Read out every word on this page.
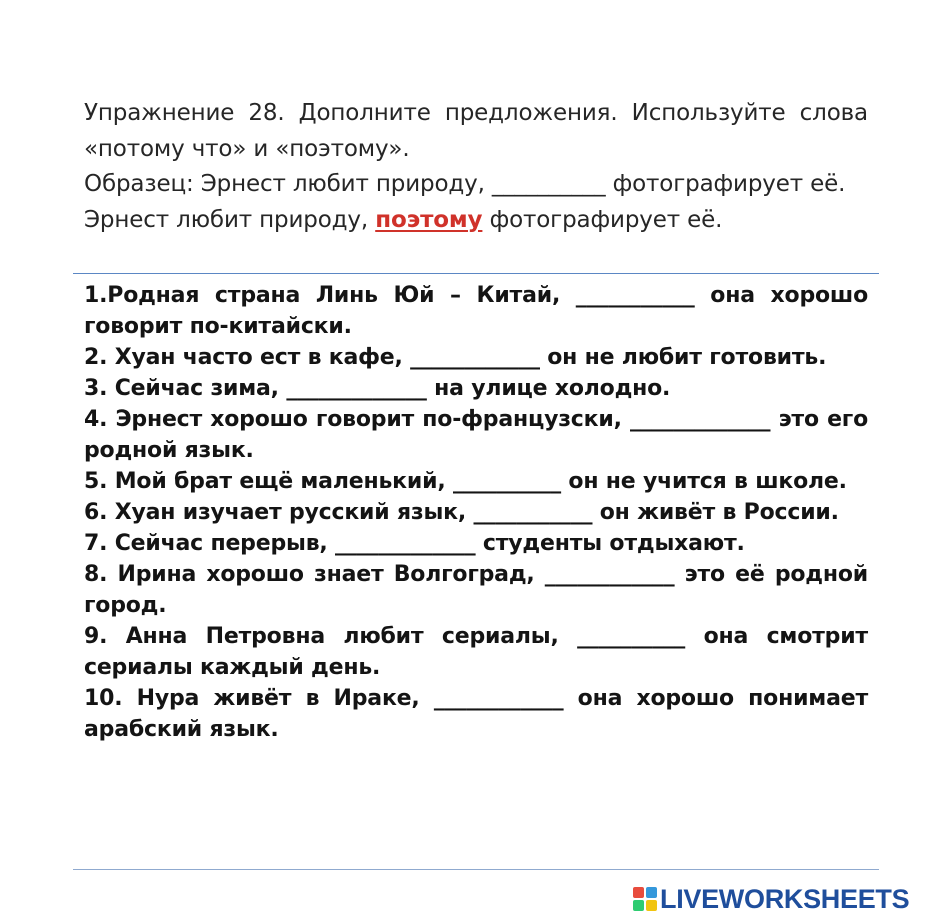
Упражнение 28. Дополните предложения. Используйте слова «потому что» и «поэтому».

Образец: Эрнест любит природу, __________ фотографирует её.

Эрнест любит природу, поэтому фотографирует её.

1.Родная страна Линь Юй – Китай, ___________ она хорошо говорит по-китайски.

2. Хуан часто ест в кафе, ____________ он не любит готовить.

3. Сейчас зима, _____________ на улице холодно.

4. Эрнест хорошо говорит по-французски, _____________ это его родной язык.

5. Мой брат ещё маленький, __________ он не учится в школе.

6. Хуан изучает русский язык, ___________ он живёт в России.

7. Сейчас перерыв, _____________ студенты отдыхают.

8. Ирина хорошо знает Волгоград, ____________ это её родной город.

9. Анна Петровна любит сериалы, __________ она смотрит сериалы каждый день.

10. Нура живёт в Ираке, ____________ она хорошо понимает арабский язык.

LIVEWORKSHEETS
